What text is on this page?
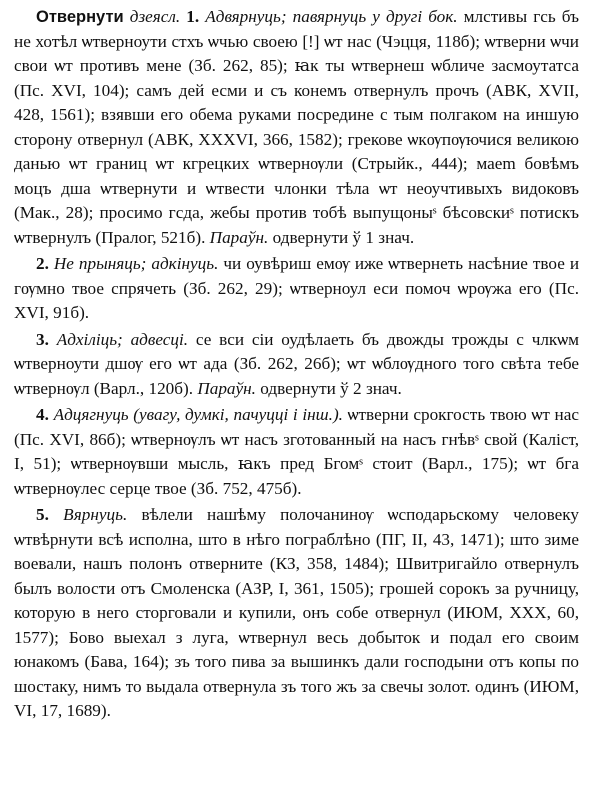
Отвернути дзеясл. 1. Адвярнуць; павярнуць у другі бок. млстивы гсь бъ не хотѣл ѡтверноути стхъ ѡчью своею [!] ѡт нас (Чэцця, 118б); ѡтверни ѡчи свои ѡт противъ мене (Зб. 262, 85); ꙗк ты ѡтвернеш ѡбличе засмоутатса (Пс. XVI, 104); самъ дей есми и съ конемъ отвернулъ прочъ (АВК, XVII, 428, 1561); взявши его обема руками посредине с тым полгаком на иншую сторону отвернул (АВК, XXXVI, 366, 1582); грекове ѡкѹпѹючися великою данью ѡт границ ѡт кгрецких ѡтвернѹли (Стрыйк., 444); маеm бовѣмъ моцъ дша ѡтвернути и ѡтвести члонки тѣла ѡт неоучтивыхъ видоковъ (Мак., 28); просимо гсда, жебы против тобѣ выпущоныˢ бѣсовскиˢ потискъ ѡтвернулъ (Пралог, 521б). Параўн. одвернути ў 1 знач.

2. Не прыняць; адкінуць. чи оувѣриш емѹ иже ѡтвернеть насѣние твое и гѹмно твое спрячеть (Зб. 262, 29); ѡтверноул еси помоч ѡрѹжа его (Пс. XVI, 91б).

3. Адхіліць; адвесці. се вси сіи оудѣлаеть бъ двожды трожды с члкѡм ѡтверноути дшѹ его ѡт ада (Зб. 262, 26б); ѡт ѡблѹдного того свѣта тебе ѡтвернѹл (Варл., 120б). Параўн. одвернути ў 2 знач.

4. Адцягнуць (увагу, думкі, пачуцці і інш.). ѡтверни срокгость твою ѡт нас (Пс. XVI, 86б); ѡтвернѹлъ ѡт насъ зготованный на насъ гнѣвˢ свой (Каліст, I, 51); ѡтвернѹвши мысль, ꙗкъ пред Бгомˢ стоит (Варл., 175); ѡт бга ѡтвернѹлес серце твое (Зб. 752, 475б).

5. Вярнуць. вѣлели нашѣму полочанинѹ ѡсподарьскому человеку ѡтвѣрнути всѣ исполна, што в нѣго пограблѣно (ПГ, II, 43, 1471); што зиме воевали, нашъ полонъ отверните (КЗ, 358, 1484); Швитригайло отвернулъ былъ волости отъ Смоленска (АЗР, I, 361, 1505); грошей сорокъ за ручницу, которую в него сторговали и купили, онъ собе отвернул (ИЮМ, XXX, 60, 1577); Бово выехал з луга, ѡтвернул весь добыток и подал его своим юнакомъ (Бава, 164); зъ того пива за вышинкъ дали господыни отъ копы по шостаку, нимъ то выдала отвернула зъ того жъ за свечы золот. одинъ (ИЮМ, VI, 17, 1689).
